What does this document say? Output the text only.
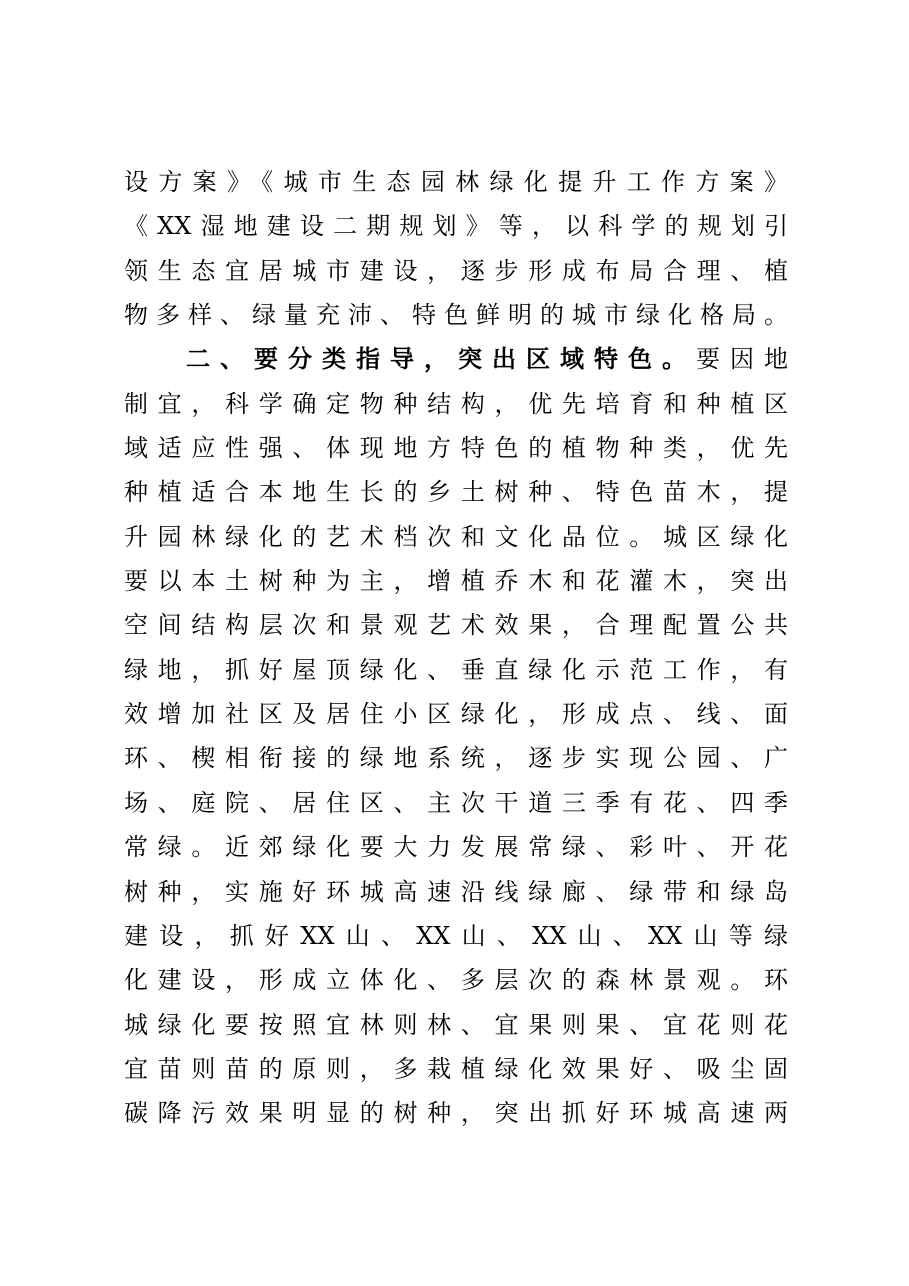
设方案》《城市生态园林绿化提升工作方案》
《XX湿地建设二期规划》等，以科学的规划引
领生态宜居城市建设，逐步形成布局合理、植
物多样、绿量充沛、特色鲜明的城市绿化格局。
二、要分类指导，突出区域特色。要因地
制宜，科学确定物种结构，优先培育和种植区
域适应性强、体现地方特色的植物种类，优先
种植适合本地生长的乡土树种、特色苗木，提
升园林绿化的艺术档次和文化品位。城区绿化
要以本土树种为主，增植乔木和花灌木，突出
空间结构层次和景观艺术效果，合理配置公共
绿地，抓好屋顶绿化、垂直绿化示范工作，有
效增加社区及居住小区绿化，形成点、线、面
环、楔相衔接的绿地系统，逐步实现公园、广
场、庭院、居住区、主次干道三季有花、四季
常绿。近郊绿化要大力发展常绿、彩叶、开花
树种，实施好环城高速沿线绿廊、绿带和绿岛
建设，抓好XX山、XX山、XX山、XX山等绿
化建设，形成立体化、多层次的森林景观。环
城绿化要按照宜林则林、宜果则果、宜花则花
宜苗则苗的原则，多栽植绿化效果好、吸尘固
碳降污效果明显的树种，突出抓好环城高速两
